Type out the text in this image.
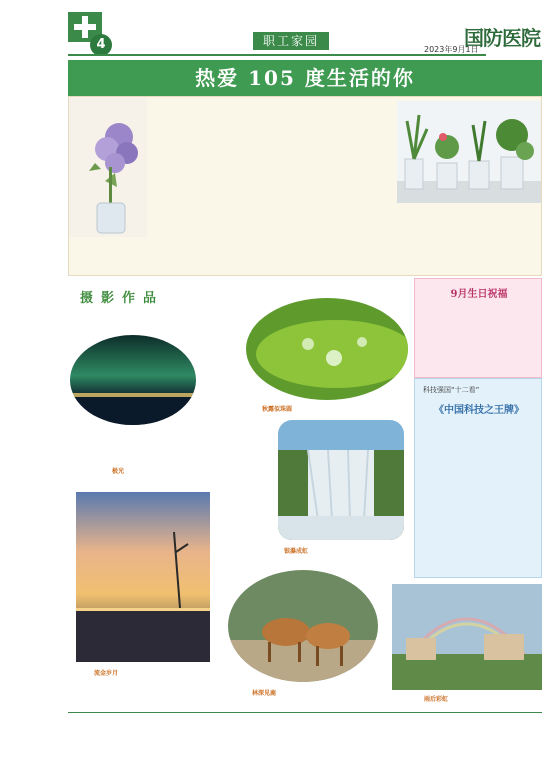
4	职工家园	国防医院
2023年9月1日
热爱 105 度生活的你
摄影作品
极光
秋露似珠圆
银瀑成虹
流金岁月
林深见鹿
9月生日祝福
科技强国“十二看”
《中国科技之王牌》
雨后彩虹
